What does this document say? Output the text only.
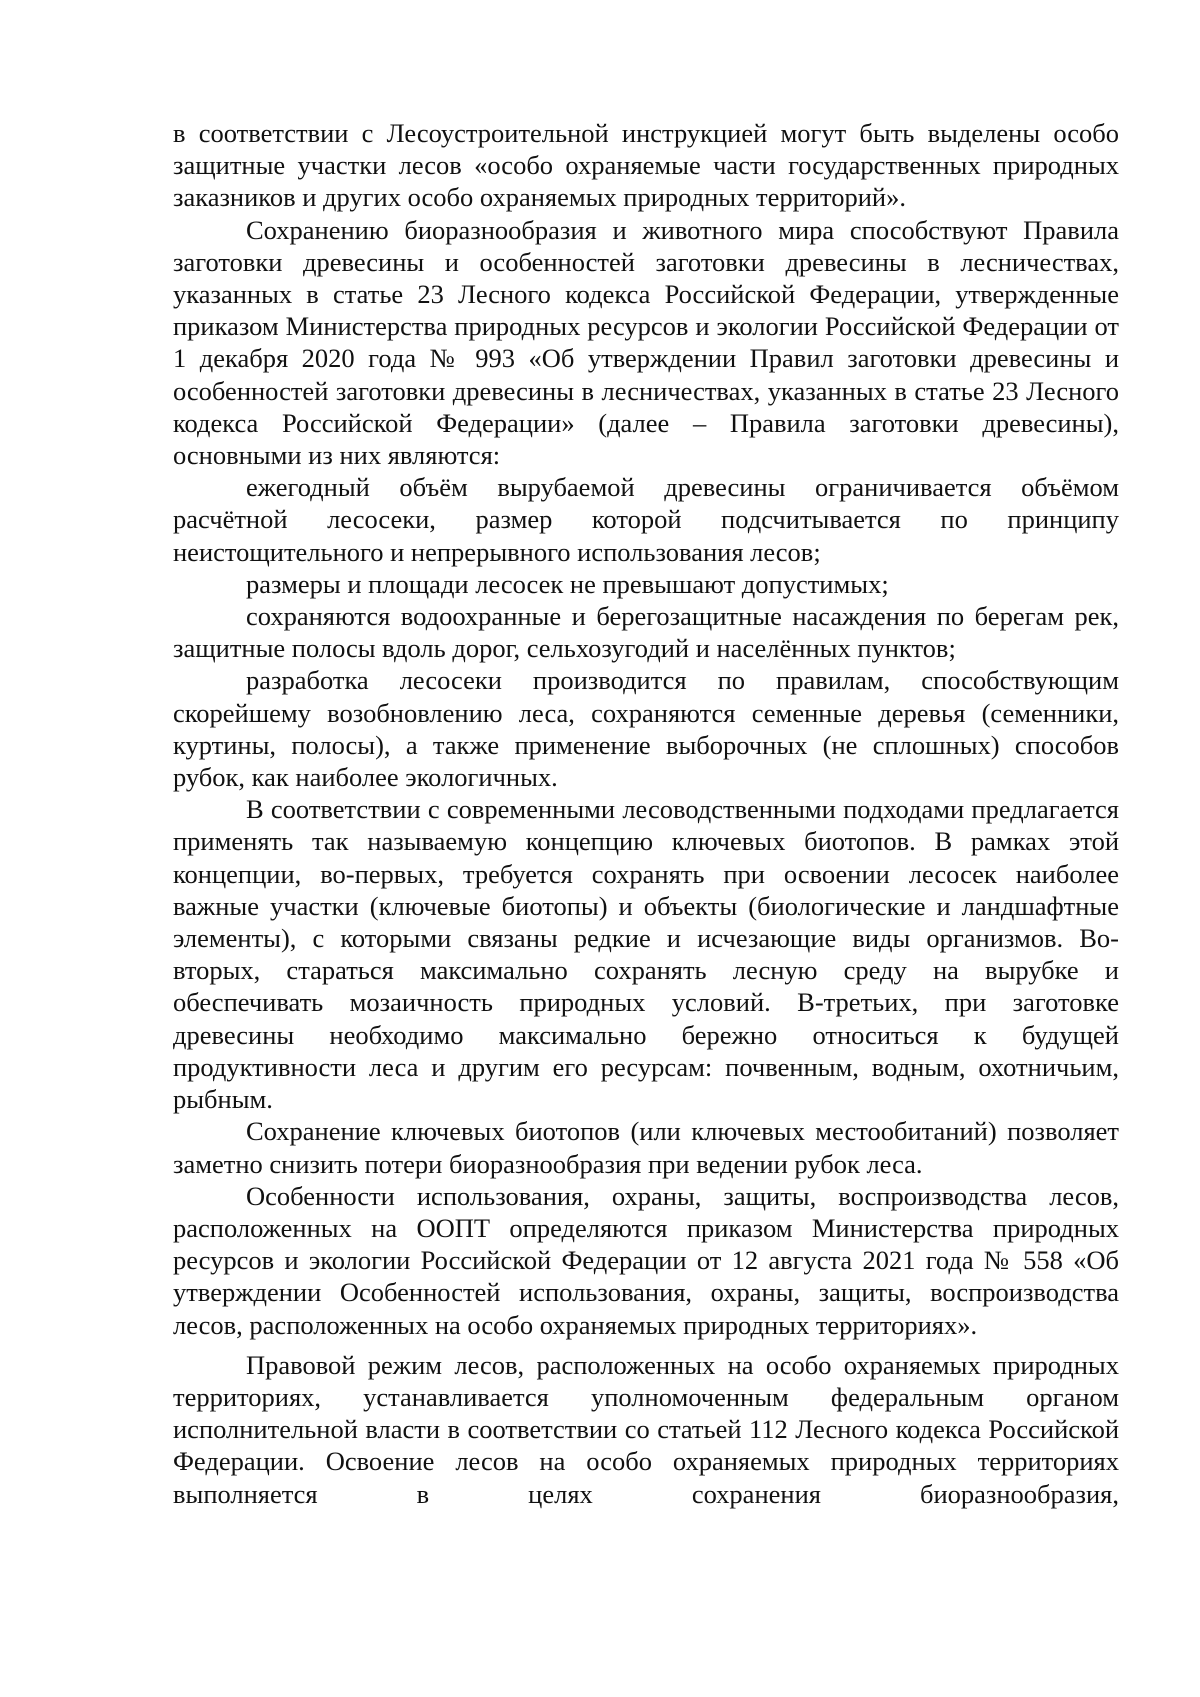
в соответствии с Лесоустроительной инструкцией могут быть выделены особо защитные участки лесов «особо охраняемые части государственных природных заказников и других особо охраняемых природных территорий».

Сохранению биоразнообразия и животного мира способствуют Правила заготовки древесины и особенностей заготовки древесины в лесничествах, указанных в статье 23 Лесного кодекса Российской Федерации, утвержденные приказом Министерства природных ресурсов и экологии Российской Федерации от 1 декабря 2020 года № 993 «Об утверждении Правил заготовки древесины и особенностей заготовки древесины в лесничествах, указанных в статье 23 Лесного кодекса Российской Федерации» (далее – Правила заготовки древесины), основными из них являются:

ежегодный объём вырубаемой древесины ограничивается объёмом расчётной лесосеки, размер которой подсчитывается по принципу неистощительного и непрерывного использования лесов;

размеры и площади лесосек не превышают допустимых;

сохраняются водоохранные и берегозащитные насаждения по берегам рек, защитные полосы вдоль дорог, сельхозугодий и населённых пунктов;

разработка лесосеки производится по правилам, способствующим скорейшему возобновлению леса, сохраняются семенные деревья (семенники, куртины, полосы), а также применение выборочных (не сплошных) способов рубок, как наиболее экологичных.

В соответствии с современными лесоводственными подходами предлагается применять так называемую концепцию ключевых биотопов. В рамках этой концепции, во-первых, требуется сохранять при освоении лесосек наиболее важные участки (ключевые биотопы) и объекты (биологические и ландшафтные элементы), с которыми связаны редкие и исчезающие виды организмов. Во-вторых, стараться максимально сохранять лесную среду на вырубке и обеспечивать мозаичность природных условий. В-третьих, при заготовке древесины необходимо максимально бережно относиться к будущей продуктивности леса и другим его ресурсам: почвенным, водным, охотничьим, рыбным.

Сохранение ключевых биотопов (или ключевых местообитаний) позволяет заметно снизить потери биоразнообразия при ведении рубок леса.

Особенности использования, охраны, защиты, воспроизводства лесов, расположенных на ООПТ определяются приказом Министерства природных ресурсов и экологии Российской Федерации от 12 августа 2021 года № 558 «Об утверждении Особенностей использования, охраны, защиты, воспроизводства лесов, расположенных на особо охраняемых природных территориях».

Правовой режим лесов, расположенных на особо охраняемых природных территориях, устанавливается уполномоченным федеральным органом исполнительной власти в соответствии со статьей 112 Лесного кодекса Российской Федерации. Освоение лесов на особо охраняемых природных территориях выполняется в целях сохранения биоразнообразия,
